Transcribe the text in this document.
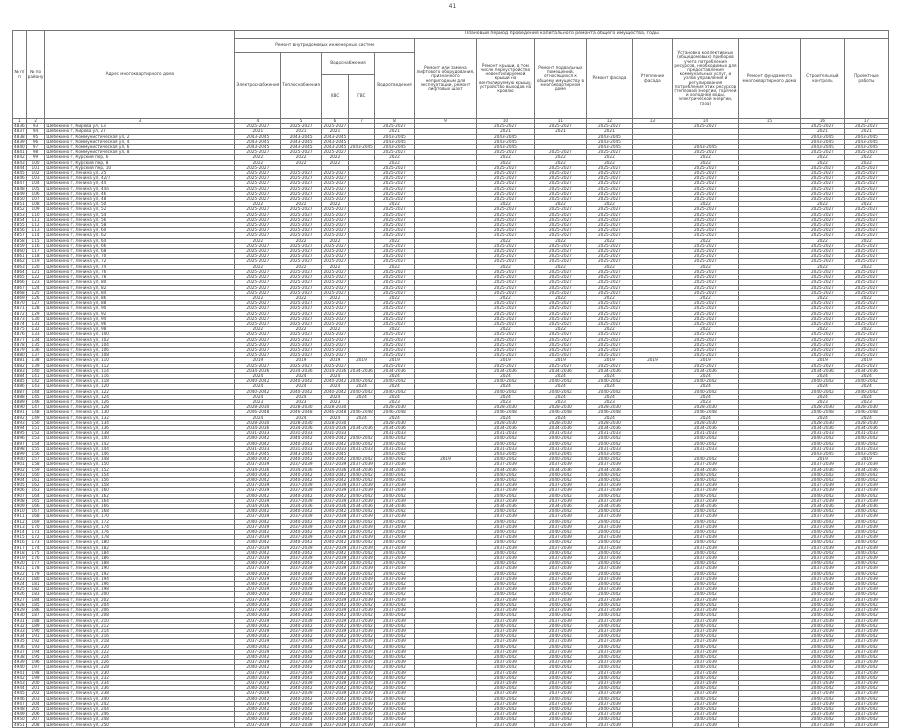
41
№ п/п	№ по району	Адрес многоквартирного дома	Плановый период проведения капитального ремонта общего имущества, годы													
			Ремонт внутридомовых инженерных систем					Ремонт или замена лифтового оборудования, признанного непригодным для эксплуатации, ремонт лифтовых шахт	Ремонт крыши, в том числе переустройство невентилируемой крыши на вентилируемую крышу, устройство выходов на кровлю	Ремонт подвальных помещений, относящихся к общему имуществу в многоквартирном доме	Ремонт фасада	Утепление фасада	Установка коллективных (общедомовых) приборов учета потребления ресурсов, необходимых для предоставления коммунальных услуг, и узлов управления и регулирования потребления этих ресурсов (тепловой энергии, горячей и холодной воды, электрической энергии, газа)	Ремонт фундамента многоквартирного дома	Строительный контроль	Проектные работы
			Электроснабжения	Теплоснабжения	Водоснабжения		Водоотведения									
					ХВС	ГВС										
1	2	3	4	5	6	7	8	9	10	11	12	13	14	15	16	17
4836	93	Шебекино г, Кирова ул, 13	2025-2027	2025-2027	2025-2027		2025-2027		2025-2027	2025-2027	2025-2027		2025-2027		2025-2027	2025-2027
4837	94	Шебекино г, Кирова ул, 27	2021	2021	2021		2021		2021	2021	2021				2021	2021
4838	95	Шебекино г, Коммунистическая ул, 2	2043-2045	2043-2045	2043-2045		2043-2045		2043-2045		2043-2045				2043-2045	2043-2045
4839	96	Шебекино г, Коммунистическая ул, 4	2043-2045	2043-2045	2043-2045		2043-2045		2043-2045		2043-2045				2043-2045	2043-2045
4840	97	Шебекино г, Коммунистическая ул, 6	2043-2045	2043-2045	2043-2045	2043-2045	2043-2045		2043-2045		2043-2045		2043-2045		2043-2045	2043-2045
4841	98	Шебекино г, Коммунистическая ул, 8	2025-2027	2025-2027	2025-2027		2025-2027		2025-2027	2025-2027	2025-2027		2025-2027		2025-2027	2025-2027
4842	99	Шебекино г, Курский пер, 6	2022	2022	2022		2022		2022	2022	2022		2022		2022	2022
4843	100	Шебекино г, Курский пер, 8	2022	2022	2022		2022		2022	2022	2022		2022		2022	2022
4844	101	Шебекино г, Курский пер, 10	2025-2027				2025-2027		2025-2027	2025-2027	2025-2027		2025-2027		2025-2027	2025-2027
4845	102	Шебекино г, Ленина ул, 25	2025-2027	2025-2027	2025-2027		2025-2027		2025-2027	2025-2027	2025-2027		2025-2027		2025-2027	2025-2027
4846	103	Шебекино г, Ленина ул, 42/7	2025-2027	2025-2027	2025-2027		2025-2027		2025-2027	2025-2027	2025-2027		2025-2027		2025-2027	2025-2027
4847	104	Шебекино г, Ленина ул, 44	2025-2027	2025-2027	2025-2027		2025-2027		2025-2027	2025-2027	2025-2027		2025-2027		2025-2027	2025-2027
4848	105	Шебекино г, Ленина ул, 44а	2025-2027	2025-2027	2025-2027		2025-2027		2025-2027	2025-2027	2025-2027		2025-2027		2025-2027	2025-2027
4849	106	Шебекино г, Ленина ул, 46	2025-2027	2025-2027	2025-2027		2025-2027		2025-2027	2025-2027	2025-2027		2025-2027		2025-2027	2025-2027
4850	107	Шебекино г, Ленина ул, 48	2025-2027	2025-2027	2025-2027		2025-2027		2025-2027	2025-2027	2025-2027		2025-2027		2025-2027	2025-2027
4851	108	Шебекино г, Ленина ул, 50	2022	2022	2022		2022		2022	2022	2022		2022		2022	2022
4852	109	Шебекино г, Ленина ул, 52	2025-2027	2025-2027	2025-2027		2025-2027		2025-2027	2025-2027	2025-2027		2025-2027		2025-2027	2025-2027
4853	110	Шебекино г, Ленина ул, 54	2025-2027	2025-2027	2025-2027		2025-2027		2025-2027	2025-2027	2025-2027		2025-2027		2025-2027	2025-2027
4854	111	Шебекино г, Ленина ул, 56	2025-2027	2025-2027	2025-2027		2025-2027		2025-2027	2025-2027	2025-2027		2025-2027		2025-2027	2025-2027
4855	112	Шебекино г, Ленина ул, 58	2025-2027	2025-2027	2025-2027		2025-2027		2025-2027	2025-2027	2025-2027		2025-2027		2025-2027	2025-2027
4856	113	Шебекино г, Ленина ул, 60	2025-2027	2025-2027	2025-2027		2025-2027		2025-2027	2025-2027	2025-2027		2025-2027		2025-2027	2025-2027
4857	114	Шебекино г, Ленина ул, 62	2025-2027	2025-2027	2025-2027		2025-2027		2025-2027	2025-2027	2025-2027		2025-2027		2025-2027	2025-2027
4858	115	Шебекино г, Ленина ул, 64	2022	2022	2022		2022		2022	2022	2022		2022		2022	2022
4859	116	Шебекино г, Ленина ул, 66	2025-2027	2025-2027	2025-2027		2025-2027		2025-2027	2025-2027	2025-2027		2025-2027		2025-2027	2025-2027
4860	117	Шебекино г, Ленина ул, 68	2025-2027	2025-2027	2025-2027		2025-2027		2025-2027	2025-2027	2025-2027		2025-2027		2025-2027	2025-2027
4861	118	Шебекино г, Ленина ул, 70	2025-2027	2025-2027	2025-2027		2025-2027		2025-2027	2025-2027	2025-2027		2025-2027		2025-2027	2025-2027
4862	119	Шебекино г, Ленина ул, 72	2025-2027	2025-2027	2025-2027		2025-2027		2025-2027	2025-2027	2025-2027		2025-2027		2025-2027	2025-2027
4863	120	Шебекино г, Ленина ул, 74	2022	2022	2022		2022		2022	2022	2022		2022		2022	2022
4864	121	Шебекино г, Ленина ул, 76	2025-2027	2025-2027	2025-2027		2025-2027		2025-2027	2025-2027	2025-2027		2025-2027		2025-2027	2025-2027
4865	122	Шебекино г, Ленина ул, 78	2025-2027	2025-2027	2025-2027		2025-2027		2025-2027	2025-2027	2025-2027		2025-2027		2025-2027	2025-2027
4866	123	Шебекино г, Ленина ул, 80	2025-2027	2025-2027	2025-2027		2025-2027		2025-2027	2025-2027	2025-2027		2025-2027		2025-2027	2025-2027
4867	124	Шебекино г, Ленина ул, 82	2025-2027	2025-2027	2025-2027		2025-2027		2025-2027	2025-2027	2025-2027		2025-2027		2025-2027	2025-2027
4868	125	Шебекино г, Ленина ул, 84	2025-2027	2025-2027	2025-2027		2025-2027		2025-2027	2025-2027	2025-2027		2025-2027		2025-2027	2025-2027
4869	126	Шебекино г, Ленина ул, 86	2022	2022	2022		2022		2022	2022	2022		2022		2022	2022
4870	127	Шебекино г, Ленина ул, 88	2025-2027	2025-2027	2025-2027		2025-2027		2025-2027	2025-2027	2025-2027		2025-2027		2025-2027	2025-2027
4871	128	Шебекино г, Ленина ул, 90	2025-2027	2025-2027	2025-2027		2025-2027		2025-2027	2025-2027	2025-2027		2025-2027		2025-2027	2025-2027
4872	129	Шебекино г, Ленина ул, 92	2025-2027	2025-2027	2025-2027		2025-2027		2025-2027	2025-2027	2025-2027		2025-2027		2025-2027	2025-2027
4873	130	Шебекино г, Ленина ул, 94	2025-2027	2025-2027	2025-2027		2025-2027		2025-2027	2025-2027	2025-2027		2025-2027		2025-2027	2025-2027
4874	131	Шебекино г, Ленина ул, 96	2025-2027	2025-2027	2025-2027		2025-2027		2025-2027	2025-2027	2025-2027		2025-2027		2025-2027	2025-2027
4875	132	Шебекино г, Ленина ул, 98	2022	2022	2022		2022		2022	2022	2022		2022		2022	2022
4876	133	Шебекино г, Ленина ул, 100	2025-2027	2025-2027	2025-2027		2025-2027		2025-2027	2025-2027	2025-2027		2025-2027		2025-2027	2025-2027
4877	134	Шебекино г, Ленина ул, 102	2025-2027	2025-2027	2025-2027		2025-2027		2025-2027	2025-2027	2025-2027		2025-2027		2025-2027	2025-2027
4878	135	Шебекино г, Ленина ул, 104	2025-2027	2025-2027	2025-2027		2025-2027		2025-2027	2025-2027	2025-2027		2025-2027		2025-2027	2025-2027
4879	136	Шебекино г, Ленина ул, 106	2025-2027	2025-2027	2025-2027		2025-2027		2025-2027	2025-2027	2025-2027		2025-2027		2025-2027	2025-2027
4880	137	Шебекино г, Ленина ул, 108	2025-2027	2025-2027	2025-2027		2025-2027		2025-2027	2025-2027	2025-2027		2025-2027		2025-2027	2025-2027
4881	138	Шебекино г, Ленина ул, 110	2019	2019	2019	2019	2019		2019	2019	2019	2019	2019		2019	2019
4882	139	Шебекино г, Ленина ул, 112	2025-2027	2025-2027	2025-2027		2025-2027		2025-2027	2025-2027	2025-2027		2025-2027		2025-2027	2025-2027
4883	140	Шебекино г, Ленина ул, 114	2034-2036	2034-2036	2034-2036	2034-2036	2034-2036		2034-2036	2034-2036	2034-2036		2034-2036		2034-2036	2034-2036
4884	141	Шебекино г, Ленина ул, 116	2024	2024	2024		2024		2024	2024	2024		2024		2024	2024
4885	142	Шебекино г, Ленина ул, 118	2040-2042	2040-2042	2040-2042	2040-2042	2040-2042		2040-2042	2040-2042	2040-2042		2040-2042		2040-2042	2040-2042
4886	143	Шебекино г, Ленина ул, 120	2024	2024	2024	2024	2024		2024	2024	2024		2024		2024	2024
4887	144	Шебекино г, Ленина ул, 122	2040-2042	2040-2042	2040-2042	2040-2042	2040-2042		2040-2042	2040-2042	2040-2042		2040-2042		2040-2042	2040-2042
4888	145	Шебекино г, Ленина ул, 124	2024	2024	2024	2024	2024		2024	2024	2024		2024		2024	2024
4889	146	Шебекино г, Ленина ул, 126	2023	2023	2023		2023		2023	2023	2023		2023		2023	2023
4890	147	Шебекино г, Ленина ул, 128	2028-2030	2028-2030	2028-2030		2028-2030		2028-2030	2028-2030	2028-2030		2028-2030		2028-2030	2028-2030
4891	148	Шебекино г, Ленина ул, 130	2046-2048	2046-2048	2046-2048	2046-2048	2046-2048		2046-2048	2046-2048	2046-2048		2046-2048		2046-2048	2046-2048
4892	149	Шебекино г, Ленина ул, 132	2024	2024	2024	2024	2024		2024	2024	2024		2024		2024	2024
4893	150	Шебекино г, Ленина ул, 134	2028-2030	2028-2030	2028-2030		2028-2030		2028-2030	2028-2030	2028-2030		2028-2030		2028-2030	2028-2030
4894	151	Шебекино г, Ленина ул, 136	2034-2036	2034-2036	2034-2036	2034-2036	2034-2036		2034-2036	2034-2036	2034-2036		2034-2036		2034-2036	2034-2036
4895	152	Шебекино г, Ленина ул, 138	2031-2033	2031-2033	2031-2033		2031-2033		2031-2033	2031-2033	2031-2033		2031-2033		2031-2033	2031-2033
4896	153	Шебекино г, Ленина ул, 140	2040-2042	2040-2042	2040-2042	2040-2042	2040-2042		2040-2042	2040-2042	2040-2042		2040-2042		2040-2042	2040-2042
4897	154	Шебекино г, Ленина ул, 142	2040-2042	2040-2042	2040-2042	2040-2042	2040-2042		2040-2042	2040-2042	2040-2042		2040-2042		2040-2042	2040-2042
4898	155	Шебекино г, Ленина ул, 144	2031-2033	2031-2033	2031-2033	2031-2033	2031-2033		2031-2033	2031-2033	2031-2033		2031-2033		2031-2033	2031-2033
4899	156	Шебекино г, Ленина ул, 146	2043-2045	2043-2045	2043-2045		2043-2045		2043-2045	2043-2045	2043-2045				2043-2045	2043-2045
4900	157	Шебекино г, Ленина ул, 148	2040-2042	2040-2042	2040-2042	2040-2042	2040-2042	2019	2040-2042	2040-2042	2040-2042		2040-2042		2019	2019
4901	158	Шебекино г, Ленина ул, 150	2037-2039	2037-2039	2037-2039	2037-2039	2037-2039		2037-2039	2037-2039	2037-2039		2037-2039		2037-2039	2037-2039
4902	159	Шебекино г, Ленина ул, 152	2034-2036	2034-2036	2034-2036	2034-2036	2034-2036		2034-2036	2034-2036	2034-2036		2034-2036		2034-2036	2034-2036
4903	160	Шебекино г, Ленина ул, 154	2040-2042	2040-2042	2040-2042	2040-2042	2040-2042		2040-2042	2040-2042	2040-2042		2040-2042		2040-2042	2040-2042
4904	161	Шебекино г, Ленина ул, 156	2040-2042	2040-2042	2040-2042	2040-2042	2040-2042		2040-2042	2040-2042	2040-2042		2040-2042		2040-2042	2040-2042
4905	162	Шебекино г, Ленина ул, 158	2037-2039	2037-2039	2037-2039	2037-2039	2037-2039		2037-2039	2037-2039	2037-2039		2037-2039		2037-2039	2037-2039
4906	163	Шебекино г, Ленина ул, 160	2037-2039	2037-2039	2037-2039	2037-2039	2037-2039		2037-2039	2037-2039	2037-2039		2037-2039		2037-2039	2037-2039
4907	164	Шебекино г, Ленина ул, 162	2040-2042	2040-2042	2040-2042	2040-2042	2040-2042		2040-2042	2040-2042	2040-2042		2040-2042		2040-2042	2040-2042
4908	165	Шебекино г, Ленина ул, 164	2037-2039	2037-2039	2037-2039	2037-2039	2037-2039		2037-2039	2037-2039	2037-2039		2037-2039		2037-2039	2037-2039
4909	166	Шебекино г, Ленина ул, 166	2034-2036	2034-2036	2034-2036	2034-2036	2034-2036		2034-2036	2034-2036	2034-2036		2034-2036		2034-2036	2034-2036
4910	167	Шебекино г, Ленина ул, 168	2040-2042	2040-2042	2040-2042	2040-2042	2040-2042		2040-2042	2040-2042	2040-2042		2040-2042		2040-2042	2040-2042
4911	168	Шебекино г, Ленина ул, 170	2037-2039	2037-2039	2037-2039	2037-2039	2037-2039		2037-2039	2037-2039	2037-2039		2037-2039		2037-2039	2037-2039
4912	169	Шебекино г, Ленина ул, 172	2040-2042	2040-2042	2040-2042	2040-2042	2040-2042		2040-2042	2040-2042	2040-2042		2040-2042		2040-2042	2040-2042
4913	170	Шебекино г, Ленина ул, 174	2037-2039	2037-2039	2037-2039	2037-2039	2037-2039		2037-2039	2037-2039	2037-2039		2037-2039		2037-2039	2037-2039
4914	171	Шебекино г, Ленина ул, 176	2040-2042	2040-2042	2040-2042	2040-2042	2040-2042		2040-2042	2040-2042	2040-2042		2040-2042		2040-2042	2040-2042
4915	172	Шебекино г, Ленина ул, 178	2037-2039	2037-2039	2037-2039	2037-2039	2037-2039		2037-2039	2037-2039	2037-2039		2037-2039		2037-2039	2037-2039
4916	173	Шебекино г, Ленина ул, 180	2040-2042	2040-2042	2040-2042	2040-2042	2040-2042		2040-2042	2040-2042	2040-2042		2040-2042		2040-2042	2040-2042
4917	174	Шебекино г, Ленина ул, 182	2037-2039	2037-2039	2037-2039	2037-2039	2037-2039		2037-2039	2037-2039	2037-2039		2037-2039		2037-2039	2037-2039
4918	175	Шебекино г, Ленина ул, 184	2040-2042	2040-2042	2040-2042	2040-2042	2040-2042		2040-2042	2040-2042	2040-2042		2040-2042		2040-2042	2040-2042
4919	176	Шебекино г, Ленина ул, 186	2037-2039	2037-2039	2037-2039	2037-2039	2037-2039		2037-2039	2037-2039	2037-2039		2037-2039		2037-2039	2037-2039
4920	177	Шебекино г, Ленина ул, 188	2040-2042	2040-2042	2040-2042	2040-2042	2040-2042		2040-2042	2040-2042	2040-2042		2040-2042		2040-2042	2040-2042
4921	178	Шебекино г, Ленина ул, 190	2037-2039	2037-2039	2037-2039	2037-2039	2037-2039		2037-2039	2037-2039	2037-2039		2037-2039		2037-2039	2037-2039
4922	179	Шебекино г, Ленина ул, 192	2040-2042	2040-2042	2040-2042	2040-2042	2040-2042		2040-2042	2040-2042	2040-2042		2040-2042		2040-2042	2040-2042
4923	180	Шебекино г, Ленина ул, 194	2037-2039	2037-2039	2037-2039	2037-2039	2037-2039		2037-2039	2037-2039	2037-2039		2037-2039		2037-2039	2037-2039
4924	181	Шебекино г, Ленина ул, 196	2040-2042	2040-2042	2040-2042	2040-2042	2040-2042		2040-2042	2040-2042	2040-2042		2040-2042		2040-2042	2040-2042
4925	182	Шебекино г, Ленина ул, 198	2037-2039	2037-2039	2037-2039	2037-2039	2037-2039		2037-2039	2037-2039	2037-2039		2037-2039		2037-2039	2037-2039
4926	183	Шебекино г, Ленина ул, 200	2040-2042	2040-2042	2040-2042	2040-2042	2040-2042		2040-2042	2040-2042	2040-2042		2040-2042		2040-2042	2040-2042
4927	184	Шебекино г, Ленина ул, 202	2037-2039	2037-2039	2037-2039	2037-2039	2037-2039		2037-2039	2037-2039	2037-2039		2037-2039		2037-2039	2037-2039
4928	185	Шебекино г, Ленина ул, 204	2040-2042	2040-2042	2040-2042	2040-2042	2040-2042		2040-2042	2040-2042	2040-2042		2040-2042		2040-2042	2040-2042
4929	186	Шебекино г, Ленина ул, 206	2037-2039	2037-2039	2037-2039	2037-2039	2037-2039		2037-2039	2037-2039	2037-2039		2037-2039		2037-2039	2037-2039
4930	187	Шебекино г, Ленина ул, 208	2040-2042	2040-2042	2040-2042	2040-2042	2040-2042		2040-2042	2040-2042	2040-2042		2040-2042		2040-2042	2040-2042
4931	188	Шебекино г, Ленина ул, 210	2037-2039	2037-2039	2037-2039	2037-2039	2037-2039		2037-2039	2037-2039	2037-2039		2037-2039		2037-2039	2037-2039
4932	189	Шебекино г, Ленина ул, 212	2040-2042	2040-2042	2040-2042	2040-2042	2040-2042		2040-2042	2040-2042	2040-2042		2040-2042		2040-2042	2040-2042
4933	190	Шебекино г, Ленина ул, 214	2037-2039	2037-2039	2037-2039	2037-2039	2037-2039		2037-2039	2037-2039	2037-2039		2037-2039		2037-2039	2037-2039
4934	191	Шебекино г, Ленина ул, 216	2040-2042	2040-2042	2040-2042	2040-2042	2040-2042		2040-2042	2040-2042	2040-2042		2040-2042		2040-2042	2040-2042
4935	192	Шебекино г, Ленина ул, 218	2037-2039	2037-2039	2037-2039	2037-2039	2037-2039		2037-2039	2037-2039	2037-2039		2037-2039		2037-2039	2037-2039
4936	193	Шебекино г, Ленина ул, 220	2040-2042	2040-2042	2040-2042	2040-2042	2040-2042		2040-2042	2040-2042	2040-2042		2040-2042		2040-2042	2040-2042
4937	194	Шебекино г, Ленина ул, 222	2037-2039	2037-2039	2037-2039	2037-2039	2037-2039		2037-2039	2037-2039	2037-2039		2037-2039		2037-2039	2037-2039
4938	195	Шебекино г, Ленина ул, 224	2040-2042	2040-2042	2040-2042	2040-2042	2040-2042		2040-2042	2040-2042	2040-2042		2040-2042		2040-2042	2040-2042
4939	196	Шебекино г, Ленина ул, 226	2037-2039	2037-2039	2037-2039	2037-2039	2037-2039		2037-2039	2037-2039	2037-2039		2037-2039		2037-2039	2037-2039
4940	197	Шебекино г, Ленина ул, 228	2040-2042	2040-2042	2040-2042	2040-2042	2040-2042		2040-2042	2040-2042	2040-2042		2040-2042		2040-2042	2040-2042
4941	198	Шебекино г, Ленина ул, 230	2037-2039	2037-2039	2037-2039	2037-2039	2037-2039		2037-2039	2037-2039	2037-2039		2037-2039		2037-2039	2037-2039
4942	199	Шебекино г, Ленина ул, 232	2040-2042	2040-2042	2040-2042	2040-2042	2040-2042		2040-2042	2040-2042	2040-2042		2040-2042		2040-2042	2040-2042
4943	200	Шебекино г, Ленина ул, 234	2037-2039	2037-2039	2037-2039	2037-2039	2037-2039		2037-2039	2037-2039	2037-2039		2037-2039		2037-2039	2037-2039
4944	201	Шебекино г, Ленина ул, 236	2040-2042	2040-2042	2040-2042	2040-2042	2040-2042		2040-2042	2040-2042	2040-2042		2040-2042		2040-2042	2040-2042
4945	202	Шебекино г, Ленина ул, 238	2037-2039	2037-2039	2037-2039	2037-2039	2037-2039		2037-2039	2037-2039	2037-2039		2037-2039		2037-2039	2037-2039
4946	203	Шебекино г, Ленина ул, 240	2040-2042	2040-2042	2040-2042	2040-2042	2040-2042		2040-2042	2040-2042	2040-2042		2040-2042		2040-2042	2040-2042
4947	204	Шебекино г, Ленина ул, 242	2037-2039	2037-2039	2037-2039	2037-2039	2037-2039		2037-2039	2037-2039	2037-2039		2037-2039		2037-2039	2037-2039
4948	205	Шебекино г, Ленина ул, 244	2040-2042	2040-2042	2040-2042	2040-2042	2040-2042		2040-2042	2040-2042	2040-2042		2040-2042		2040-2042	2040-2042
4949	206	Шебекино г, Ленина ул, 246	2037-2039	2037-2039	2037-2039	2037-2039	2037-2039		2037-2039	2037-2039	2037-2039		2037-2039		2037-2039	2037-2039
4950	207	Шебекино г, Ленина ул, 248	2040-2042	2040-2042	2040-2042	2040-2042	2040-2042		2040-2042	2040-2042	2040-2042		2040-2042		2040-2042	2040-2042
4951	208	Шебекино г, Ленина ул, 250	2037-2039	2037-2039	2037-2039	2037-2039	2037-2039		2037-2039	2037-2039	2037-2039		2037-2039		2037-2039	2037-2039
